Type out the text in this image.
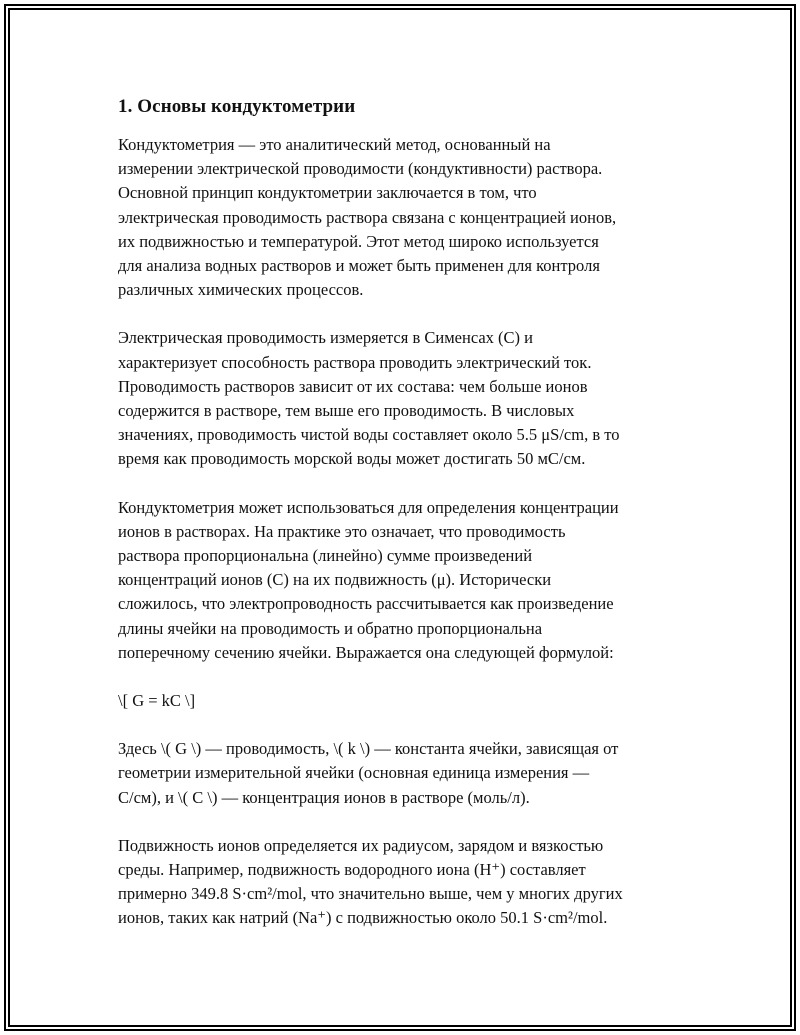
1. Основы кондуктометрии

Кондуктометрия — это аналитический метод, основанный на
измерении электрической проводимости (кондуктивности) раствора.
Основной принцип кондуктометрии заключается в том, что
электрическая проводимость раствора связана с концентрацией ионов,
их подвижностью и температурой. Этот метод широко используется
для анализа водных растворов и может быть применен для контроля
различных химических процессов.

Электрическая проводимость измеряется в Сименсах (С) и
характеризует способность раствора проводить электрический ток.
Проводимость растворов зависит от их состава: чем больше ионов
содержится в растворе, тем выше его проводимость. В числовых
значениях, проводимость чистой воды составляет около 5.5 μS/cm, в то
время как проводимость морской воды может достигать 50 мС/см.

Кондуктометрия может использоваться для определения концентрации
ионов в растворах. На практике это означает, что проводимость
раствора пропорциональна (линейно) сумме произведений
концентраций ионов (C) на их подвижность (μ). Исторически
сложилось, что электропроводность рассчитывается как произведение
длины ячейки на проводимость и обратно пропорциональна
поперечному сечению ячейки. Выражается она следующей формулой:

\[ G = kC \]

Здесь \( G \) — проводимость, \( k \) — константа ячейки, зависящая от
геометрии измерительной ячейки (основная единица измерения —
С/см), и \( C \) — концентрация ионов в растворе (моль/л).

Подвижность ионов определяется их радиусом, зарядом и вязкостью
среды. Например, подвижность водородного иона (H⁺) составляет
примерно 349.8 S·cm²/mol, что значительно выше, чем у многих других
ионов, таких как натрий (Na⁺) с подвижностью около 50.1 S·cm²/mol.
